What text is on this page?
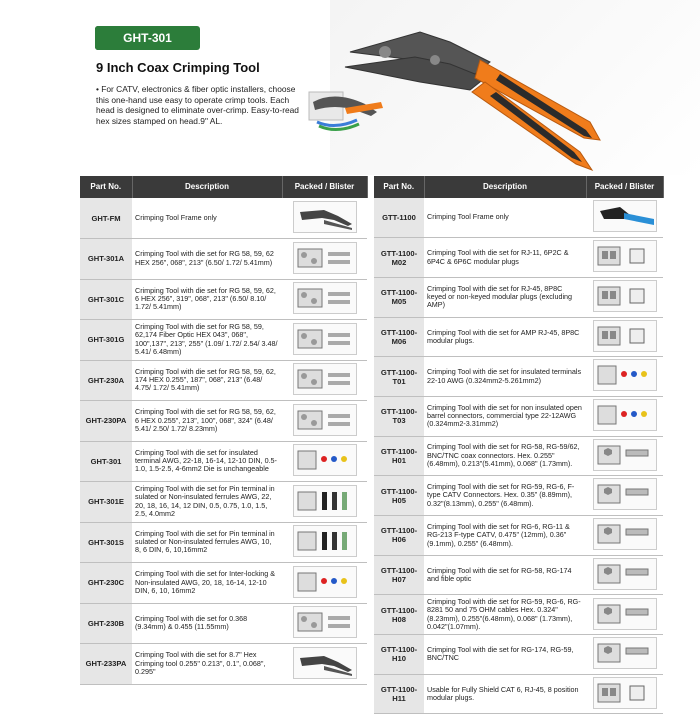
GHT-301
9 Inch Coax Crimping Tool
• For CATV, electronics & fiber optic installers, choose this one-hand use easy to operate crimp tools. Each head is designed to eliminate over-crimp. Easy-to-read hex sizes stamped on head.9" AL.
Part No.	Description	Packed / Blister
GHT-FM	Crimping Tool Frame only	

GHT-301A	Crimping Tool with die set for RG 58, 59, 62 HEX 256", 068", 213" (6.50/ 1.72/ 5.41mm)	

GHT-301C	Crimping Tool with die set for RG 58, 59, 62, 6 HEX 256", 319", 068", 213" (6.50/ 8.10/ 1.72/ 5.41mm)	

GHT-301G	Crimping Tool with die set for RG 58, 59, 62,174 Fiber Optic HEX 043", 068", 100",137", 213", 255" (1.09/ 1.72/ 2.54/ 3.48/ 5.41/ 6.48mm)	

GHT-230A	Crimping Tool with die set for RG 58, 59, 62, 174 HEX 0.255", 187", 068", 213" (6.48/ 4.75/ 1.72/ 5.41mm)	

GHT-230PA	Crimping Tool with die set for RG 58, 59, 62, 6 HEX 0.255", 213", 100", 068", 324" (6.48/ 5.41/ 2.50/ 1.72/ 8.23mm)	

GHT-301	Crimping Tool with die set for insulated terminal AWG, 22-18, 16-14, 12-10 DIN, 0.5-1.0, 1.5-2.5, 4-6mm2 Die is unchangeable	

GHT-301E	Crimping Tool with die set for Pin terminal in sulated or Non-insulated ferrules AWG, 22, 20, 18, 16, 14, 12 DIN, 0.5, 0.75, 1.0, 1.5, 2.5, 4.0mm2	

GHT-301S	Crimping Tool with die set for Pin terminal in sulated or Non-insulated ferrules AWG, 10, 8, 6 DIN, 6, 10,16mm2	

GHT-230C	Crimping Tool with die set for Inter-locking & Non-insulated AWG, 20, 18, 16-14, 12-10 DIN, 6, 10, 16mm2	

GHT-230B	Crimping Tool with die set for 0.368 (9.34mm) & 0.455 (11.55mm)	

GHT-233PA	Crimping Tool with die set for 8.7" Hex Crimping tool 0.255" 0.213", 0.1", 0.068", 0.295"	
Part No.	Description	Packed / Blister
GTT-1100	Crimping Tool Frame only	

GTT-1100-M02	Crimping Tool with die set for RJ-11, 6P2C & 6P4C & 6P6C modular plugs	

GTT-1100-M05	Crimping Tool with die set for RJ-45, 8P8C keyed or non-keyed modular plugs (excluding AMP)	

GTT-1100-M06	Crimping Tool with die set for AMP RJ-45, 8P8C modular plugs.	

GTT-1100-T01	Crimping Tool with die set for insulated terminals 22-10 AWG (0.324mm2-5.261mm2)	

GTT-1100-T03	Crimping Tool with die set for non insulated open barrel connectors, commercial type 22-12AWG (0.324mm2-3.31mm2)	

GTT-1100-H01	Crimping Tool with die set for RG-58, RG-59/62, BNC/TNC coax connectors. Hex. 0.255" (6.48mm), 0.213"(5.41mm), 0.068" (1.73mm).	

GTT-1100-H05	Crimping Tool with die set for RG-59, RG-6, F-type CATV Connectors. Hex. 0.35" (8.89mm), 0.32"(8.13mm), 0.255" (6.48mm).	

GTT-1100-H06	Crimping Tool with die set for RG-6, RG-11 & RG-213 F-type CATV, 0.475" (12mm), 0.36"(9.1mm), 0.255" (6.48mm).	

GTT-1100-H07	Crimping Tool with die set for RG-58, RG-174 and fible optic	

GTT-1100-H08	Crimping Tool with die set for RG-59, RG-6, RG-8281 50 and 75 OHM cables Hex. 0.324" (8.23mm), 0.255"(6.48mm), 0.068" (1.73mm), 0.042"(1.07mm).	

GTT-1100-H10	Crimping Tool with die set for RG-174, RG-59, BNC/TNC	

GTT-1100-H11	Usable for Fully Shield CAT 6, RJ-45, 8 position modular plugs.	
